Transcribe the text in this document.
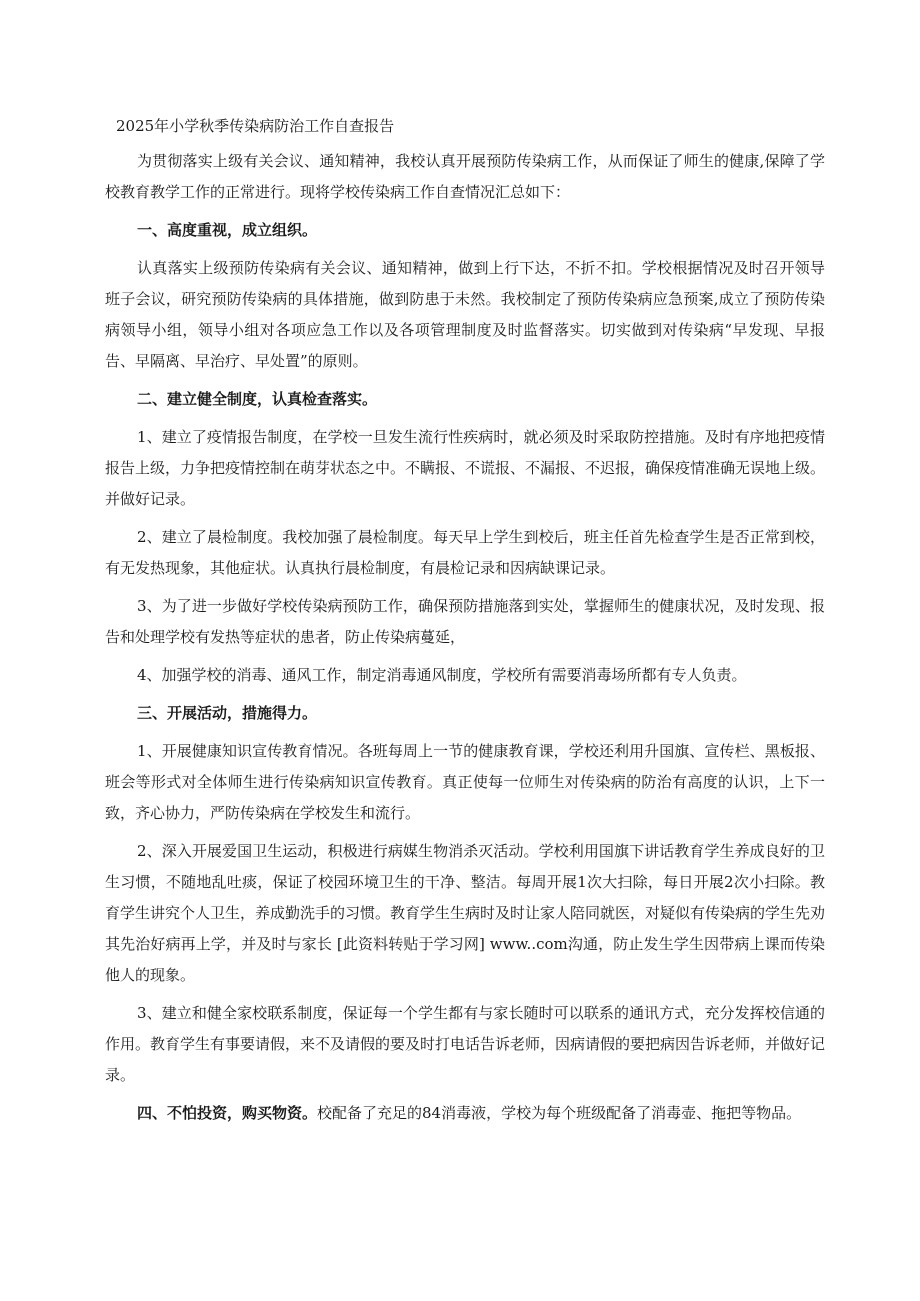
2025年小学秋季传染病防治工作自查报告

为贯彻落实上级有关会议、通知精神，我校认真开展预防传染病工作，从而保证了师生的健康,保障了学校教育教学工作的正常进行。现将学校传染病工作自查情况汇总如下：

一、高度重视，成立组织。

认真落实上级预防传染病有关会议、通知精神，做到上行下达，不折不扣。学校根据情况及时召开领导班子会议，研究预防传染病的具体措施，做到防患于未然。我校制定了预防传染病应急预案,成立了预防传染病领导小组，领导小组对各项应急工作以及各项管理制度及时监督落实。切实做到对传染病“早发现、早报告、早隔离、早治疗、早处置”的原则。

二、建立健全制度，认真检查落实。

1、建立了疫情报告制度，在学校一旦发生流行性疾病时，就必须及时采取防控措施。及时有序地把疫情报告上级，力争把疫情控制在萌芽状态之中。不瞒报、不谎报、不漏报、不迟报，确保疫情准确无误地上级。并做好记录。

2、建立了晨检制度。我校加强了晨检制度。每天早上学生到校后，班主任首先检查学生是否正常到校，有无发热现象，其他症状。认真执行晨检制度，有晨检记录和因病缺课记录。

3、为了进一步做好学校传染病预防工作，确保预防措施落到实处，掌握师生的健康状况，及时发现、报告和处理学校有发热等症状的患者，防止传染病蔓延，

4、加强学校的消毒、通风工作，制定消毒通风制度，学校所有需要消毒场所都有专人负责。

三、开展活动，措施得力。

1、开展健康知识宣传教育情况。各班每周上一节的健康教育课，学校还利用升国旗、宣传栏、黑板报、班会等形式对全体师生进行传染病知识宣传教育。真正使每一位师生对传染病的防治有高度的认识，上下一致，齐心协力，严防传染病在学校发生和流行。

2、深入开展爱国卫生运动，积极进行病媒生物消杀灭活动。学校利用国旗下讲话教育学生养成良好的卫生习惯，不随地乱吐痰，保证了校园环境卫生的干净、整洁。每周开展1次大扫除，每日开展2次小扫除。教育学生讲究个人卫生，养成勤洗手的习惯。教育学生生病时及时让家人陪同就医，对疑似有传染病的学生先劝其先治好病再上学，并及时与家长 [此资料转贴于学习网] www..com沟通，防止发生学生因带病上课而传染他人的现象。

3、建立和健全家校联系制度，保证每一个学生都有与家长随时可以联系的通讯方式，充分发挥校信通的作用。教育学生有事要请假，来不及请假的要及时打电话告诉老师，因病请假的要把病因告诉老师，并做好记录。

四、不怕投资，购买物资。校配备了充足的84消毒液，学校为每个班级配备了消毒壶、拖把等物品。
